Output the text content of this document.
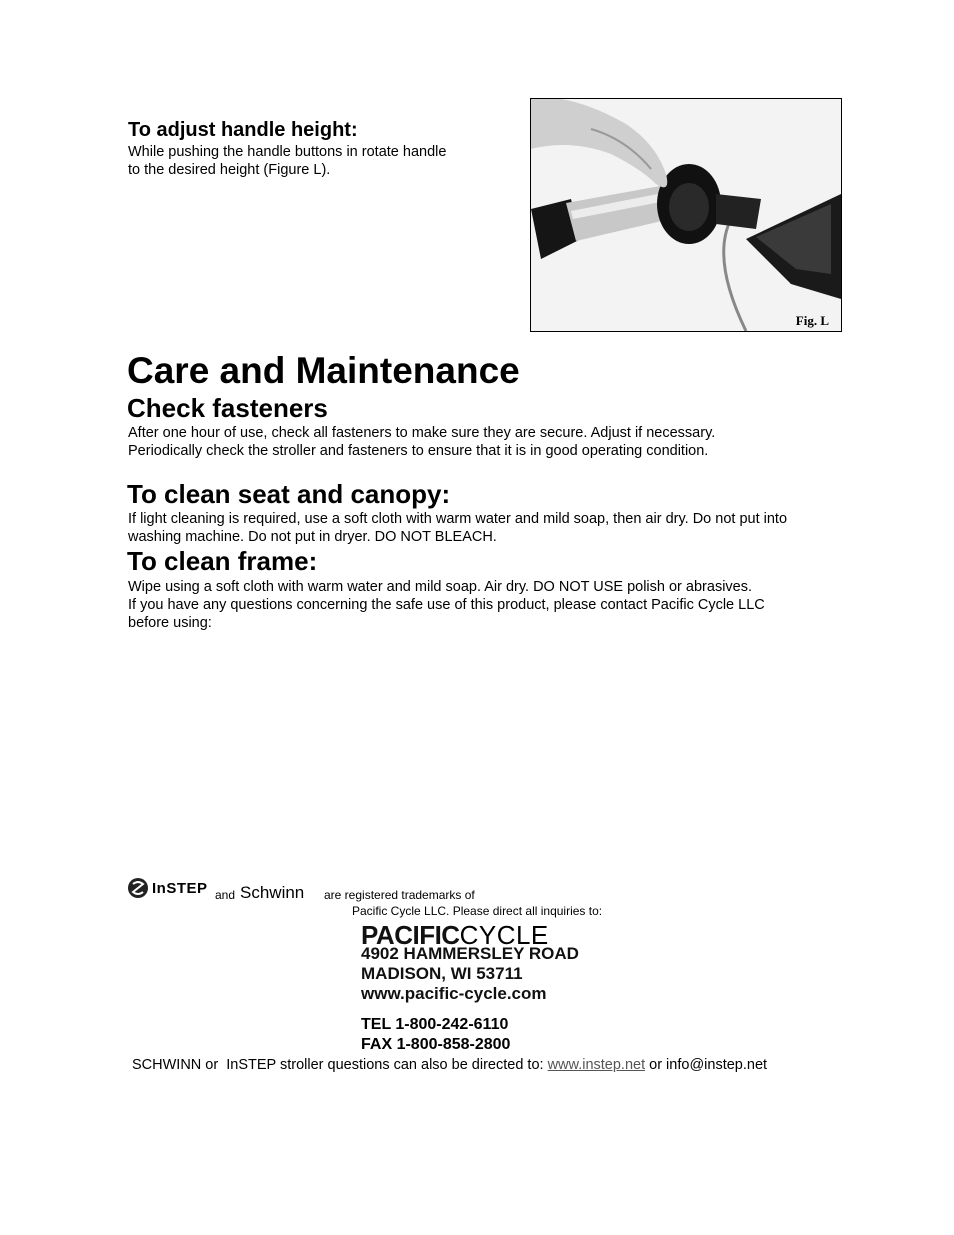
To adjust handle height:
While pushing the handle buttons in rotate handle
to the desired height (Figure L).
Fig. L
Care and Maintenance
Check fasteners
After one hour of use, check all fasteners to make sure they are secure. Adjust if necessary.
Periodically check the stroller and fasteners to ensure that it is in good operating condition.
To clean seat and canopy:
If light cleaning is required, use a soft cloth with warm water and mild soap, then air dry. Do not put into
washing machine. Do not put in dryer. DO NOT BLEACH.
To clean frame:
Wipe using a soft cloth with warm water and mild soap. Air dry. DO NOT USE polish or abrasives.
If you have any questions concerning the safe use of this product, please contact Pacific Cycle LLC
before using:
InSTEP and Schwinn are registered trademarks of
Pacific Cycle LLC. Please direct all inquiries to:
PACIFICCYCLE
4902 HAMMERSLEY ROAD
MADISON, WI 53711
www.pacific-cycle.com
TEL 1-800-242-6110
FAX 1-800-858-2800
SCHWINN or  InSTEP stroller questions can also be directed to: www.instep.net or info@instep.net
